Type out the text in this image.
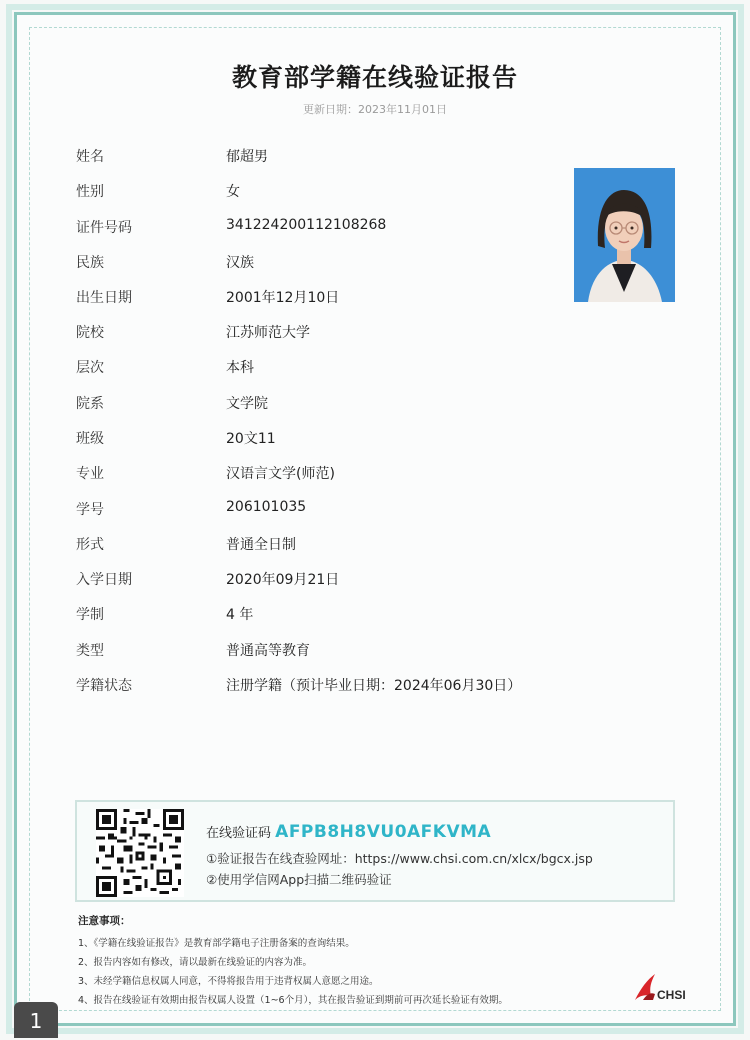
教育部学籍在线验证报告
更新日期：2023年11月01日
姓名	郁超男
性别	女
证件号码	341224200112108268
民族	汉族
出生日期	2001年12月10日
院校	江苏师范大学
层次	本科
院系	文学院
班级	20文11
专业	汉语言文学(师范)
学号	206101035
形式	普通全日制
入学日期	2020年09月21日
学制	4 年
类型	普通高等教育
学籍状态	注册学籍（预计毕业日期：2024年06月30日）
在线验证码 AFPB8H8VU0AFKVMA
①验证报告在线查验网址：https://www.chsi.com.cn/xlcx/bgcx.jsp
②使用学信网App扫描二维码验证
注意事项：
1、《学籍在线验证报告》是教育部学籍电子注册备案的查询结果。
2、报告内容如有修改，请以最新在线验证的内容为准。
3、未经学籍信息权属人同意，不得将报告用于违背权属人意愿之用途。
4、报告在线验证有效期由报告权属人设置（1~6个月），其在报告验证到期前可再次延长验证有效期。	CHSI
1
